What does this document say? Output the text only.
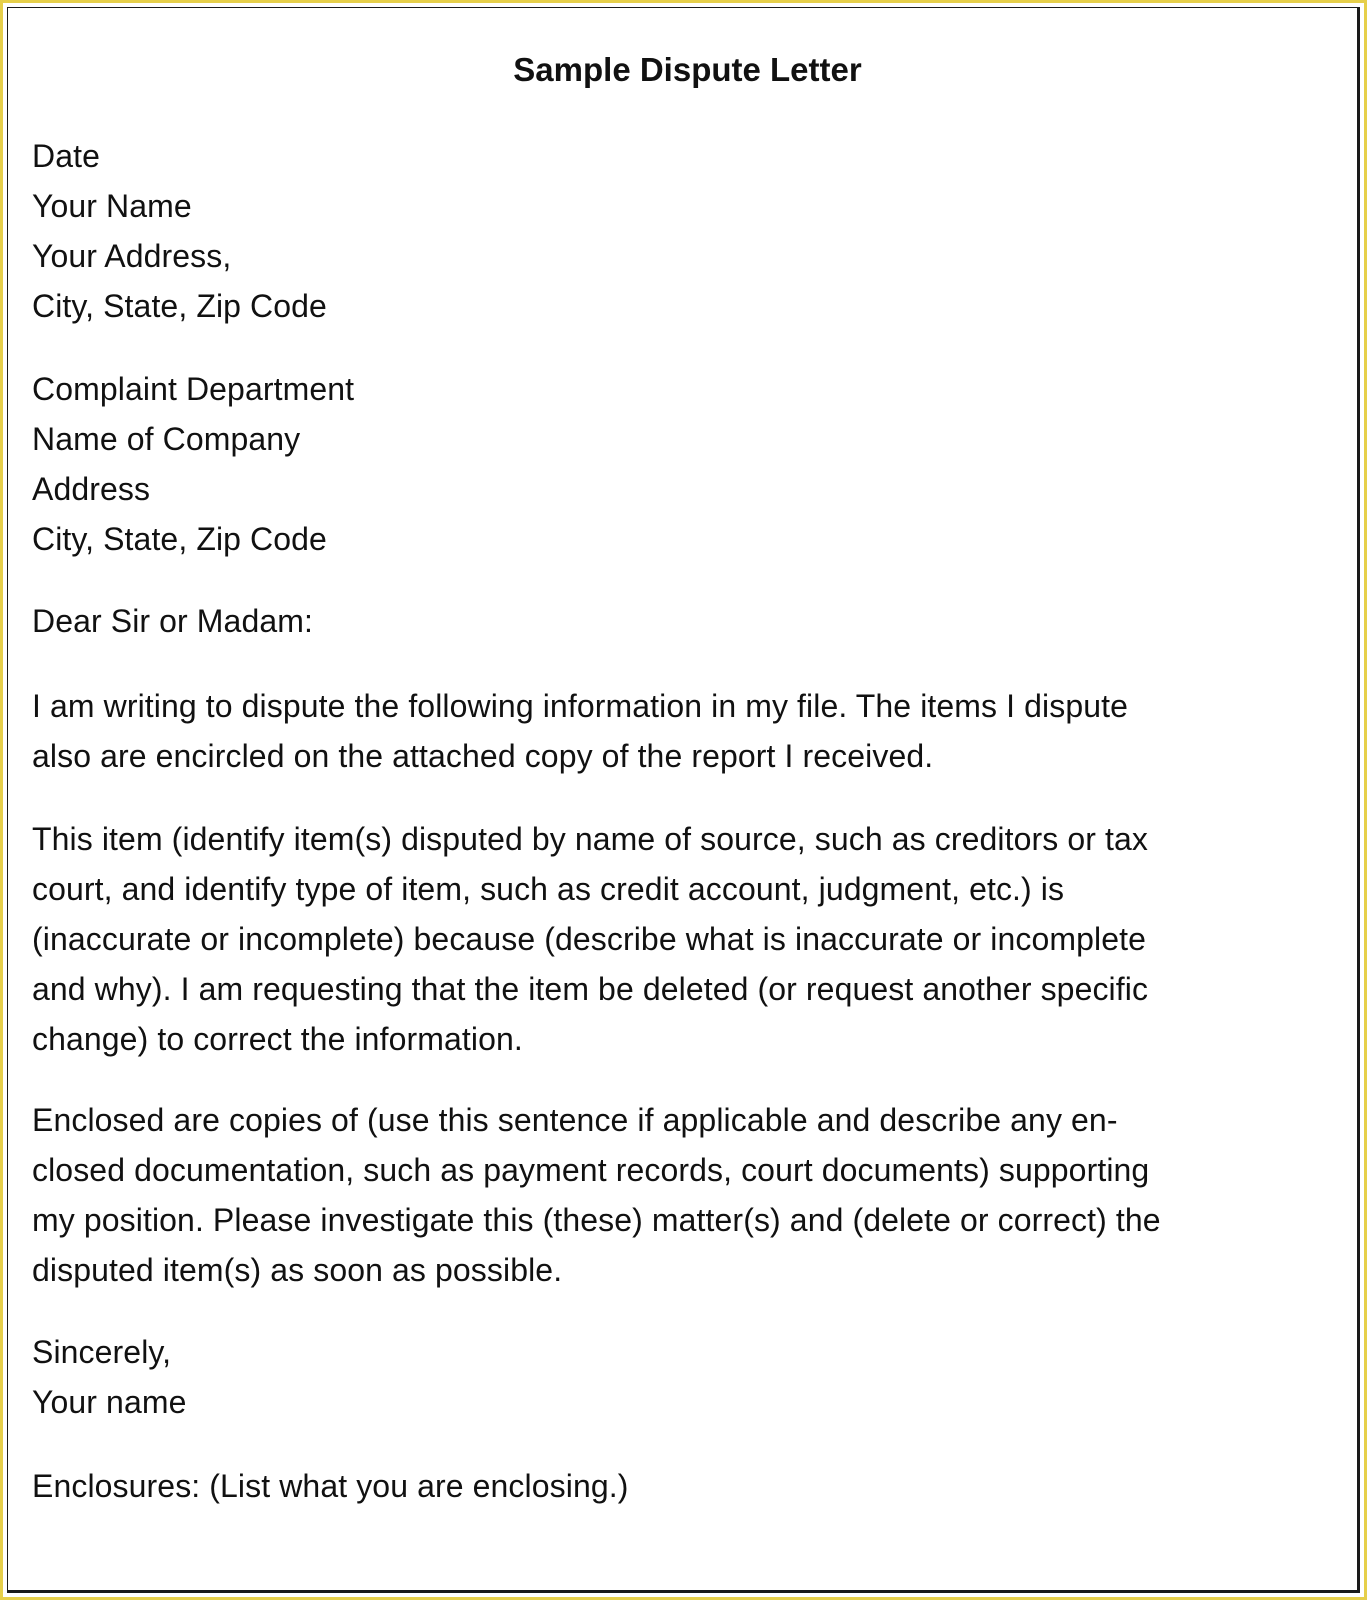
Sample Dispute Letter
Date
Your Name
Your Address,
City, State, Zip Code
Complaint Department
Name of Company
Address
City, State, Zip Code
Dear Sir or Madam:
I am writing to dispute the following information in my file. The items I dispute
also are encircled on the attached copy of the report I received.
This item (identify item(s) disputed by name of source, such as creditors or tax
court, and identify type of item, such as credit account, judgment, etc.) is
(inaccurate or incomplete) because (describe what is inaccurate or incomplete
and why). I am requesting that the item be deleted (or request another specific
change) to correct the information.
Enclosed are copies of (use this sentence if applicable and describe any en-
closed documentation, such as payment records, court documents) supporting
my position. Please investigate this (these) matter(s) and (delete or correct) the
disputed item(s) as soon as possible.
Sincerely,
Your name
Enclosures: (List what you are enclosing.)
